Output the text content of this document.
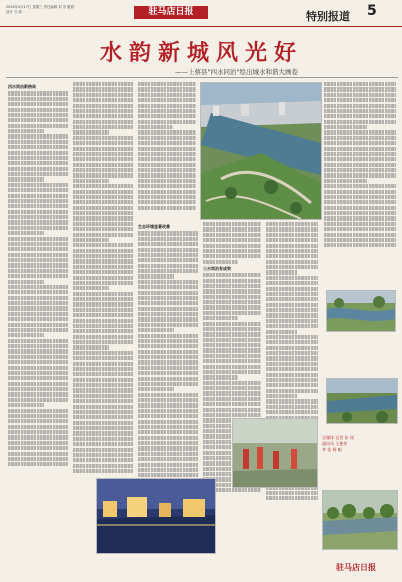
2024年4月17日 星期三 责任编辑 刘 芳 版面设计 万 鸿	驻马店日报	特别报道 5
水韵新城风光好
——上蔡县"四水同治"绘出城水和谐大画卷
四水同治新格局
生态环境显著改善
三水同治有成效
全媒体 记者 张 瑶
通讯员 王艳侠
李 佳 杨 帆
驻马店日报
